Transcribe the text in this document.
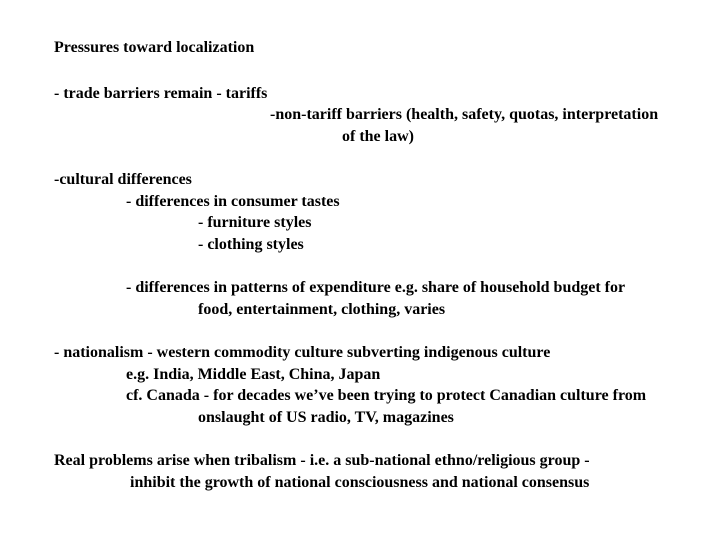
Pressures toward localization

- trade barriers remain - tariffs

-non-tariff barriers (health, safety, quotas, interpretation

of the law)

-cultural differences

- differences in consumer tastes

- furniture styles

- clothing styles

- differences in patterns of expenditure e.g. share of household budget for

food, entertainment, clothing, varies

- nationalism - western commodity culture subverting indigenous culture

e.g. India, Middle East, China, Japan

cf. Canada - for decades we’ve been trying to protect Canadian culture from

onslaught of US radio, TV, magazines

Real problems arise when tribalism - i.e. a sub-national ethno/religious group -

inhibit the growth of national consciousness and national consensus
